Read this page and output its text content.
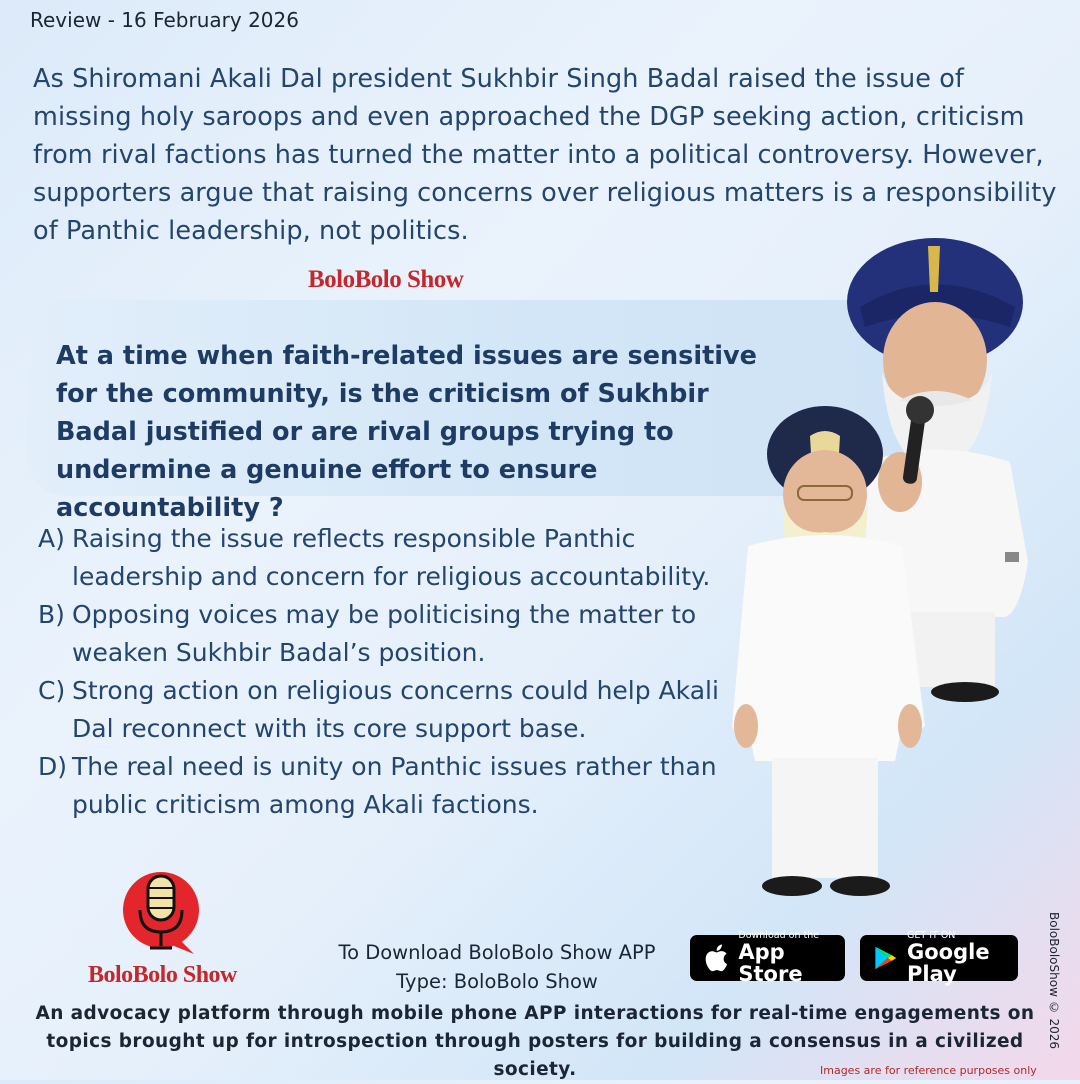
Review - 16 February 2026
As Shiromani Akali Dal president Sukhbir Singh Badal raised the issue of missing holy saroops and even approached the DGP seeking action, criticism from rival factions has turned the matter into a political controversy. However, supporters argue that raising concerns over religious matters is a responsibility of Panthic leadership, not politics.
BoloBolo Show
At a time when faith-related issues are sensitive for the community, is the criticism of Sukhbir Badal justified or are rival groups trying to undermine a genuine effort to ensure accountability ?
A) Raising the issue reflects responsible Panthic leadership and concern for religious accountability.
B) Opposing voices may be politicising the matter to weaken Sukhbir Badal’s position.
C) Strong action on religious concerns could help Akali Dal reconnect with its core support base.
D) The real need is unity on Panthic issues rather than public criticism among Akali factions.
BoloBolo Show
To Download BoloBolo Show APP
Type: BoloBolo Show
Download on the
App Store
GET IT ON
Google Play
An advocacy platform through mobile phone APP interactions for real-time engagements on topics brought up for introspection through posters for building a consensus in a civilized society.
BoloBoloShow © 2026
Images are for reference purposes only
